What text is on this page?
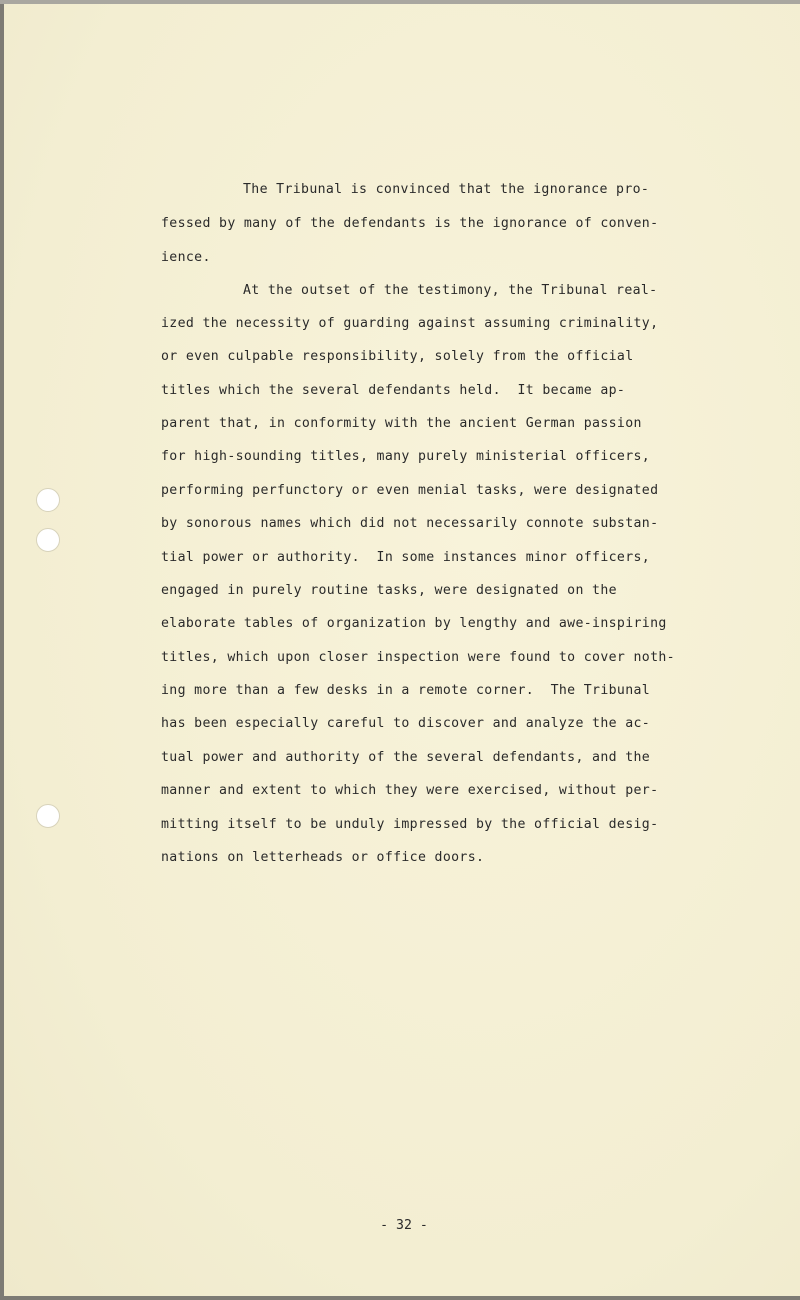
The Tribunal is convinced that the ignorance pro-

fessed by many of the defendants is the ignorance of conven-

ience.

At the outset of the testimony, the Tribunal real-

ized the necessity of guarding against assuming criminality,

or even culpable responsibility, solely from the official

titles which the several defendants held.  It became ap-

parent that, in conformity with the ancient German passion

for high-sounding titles, many purely ministerial officers,

performing perfunctory or even menial tasks, were designated

by sonorous names which did not necessarily connote substan-

tial power or authority.  In some instances minor officers,

engaged in purely routine tasks, were designated on the

elaborate tables of organization by lengthy and awe-inspiring

titles, which upon closer inspection were found to cover noth-

ing more than a few desks in a remote corner.  The Tribunal

has been especially careful to discover and analyze the ac-

tual power and authority of the several defendants, and the

manner and extent to which they were exercised, without per-

mitting itself to be unduly impressed by the official desig-

nations on letterheads or office doors.

- 32 -
